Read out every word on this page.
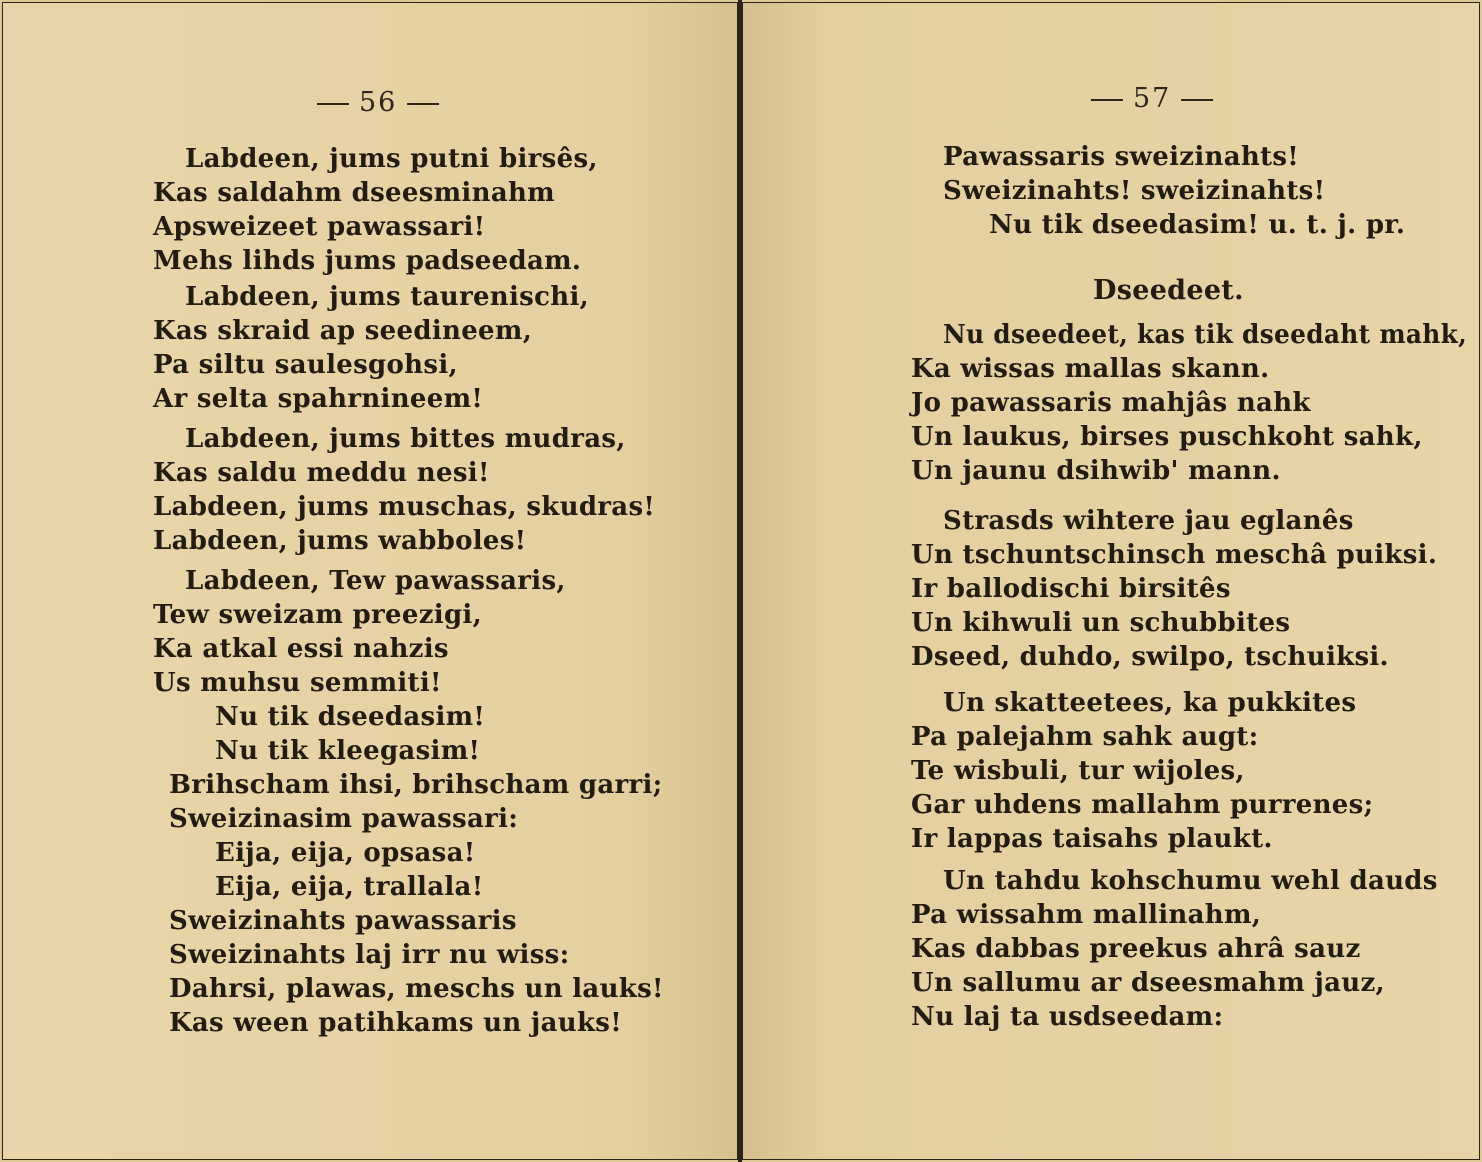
56
Labdeen, jums putni birsês,
Kas saldahm dseesminahm
Apsweizeet pawassari!
Mehs lihds jums padseedam.
Labdeen, jums taurenischi,
Kas skraid ap seedineem,
Pa siltu saulesgohsi,
Ar selta spahrnineem!
Labdeen, jums bittes mudras,
Kas saldu meddu nesi!
Labdeen, jums muschas, skudras!
Labdeen, jums wabboles!
Labdeen, Tew pawassaris,
Tew sweizam preezigi,
Ka atkal essi nahzis
Us muhsu semmiti!
Nu tik dseedasim!
Nu tik kleegasim!
Brihscham ihsi, brihscham garri;
Sweizinasim pawassari:
Eija, eija, opsasa!
Eija, eija, trallala!
Sweizinahts pawassaris
Sweizinahts laj irr nu wiss:
Dahrsi, plawas, meschs un lauks!
Kas ween patihkams un jauks!
57
Pawassaris sweizinahts!
Sweizinahts! sweizinahts!
Nu tik dseedasim! u. t. j. pr.
Dseedeet.
Nu dseedeet, kas tik dseedaht mahk,
Ka wissas mallas skann.
Jo pawassaris mahjâs nahk
Un laukus, birses puschkoht sahk,
Un jaunu dsihwib' mann.
Strasds wihtere jau eglanês
Un tschuntschinsch meschâ puiksi.
Ir ballodischi birsitês
Un kihwuli un schubbites
Dseed, duhdo, swilpo, tschuiksi.
Un skatteetees, ka pukkites
Pa palejahm sahk augt:
Te wisbuli, tur wijoles,
Gar uhdens mallahm purrenes;
Ir lappas taisahs plaukt.
Un tahdu kohschumu wehl dauds
Pa wissahm mallinahm,
Kas dabbas preekus ahrâ sauz
Un sallumu ar dseesmahm jauz,
Nu laj ta usdseedam:
